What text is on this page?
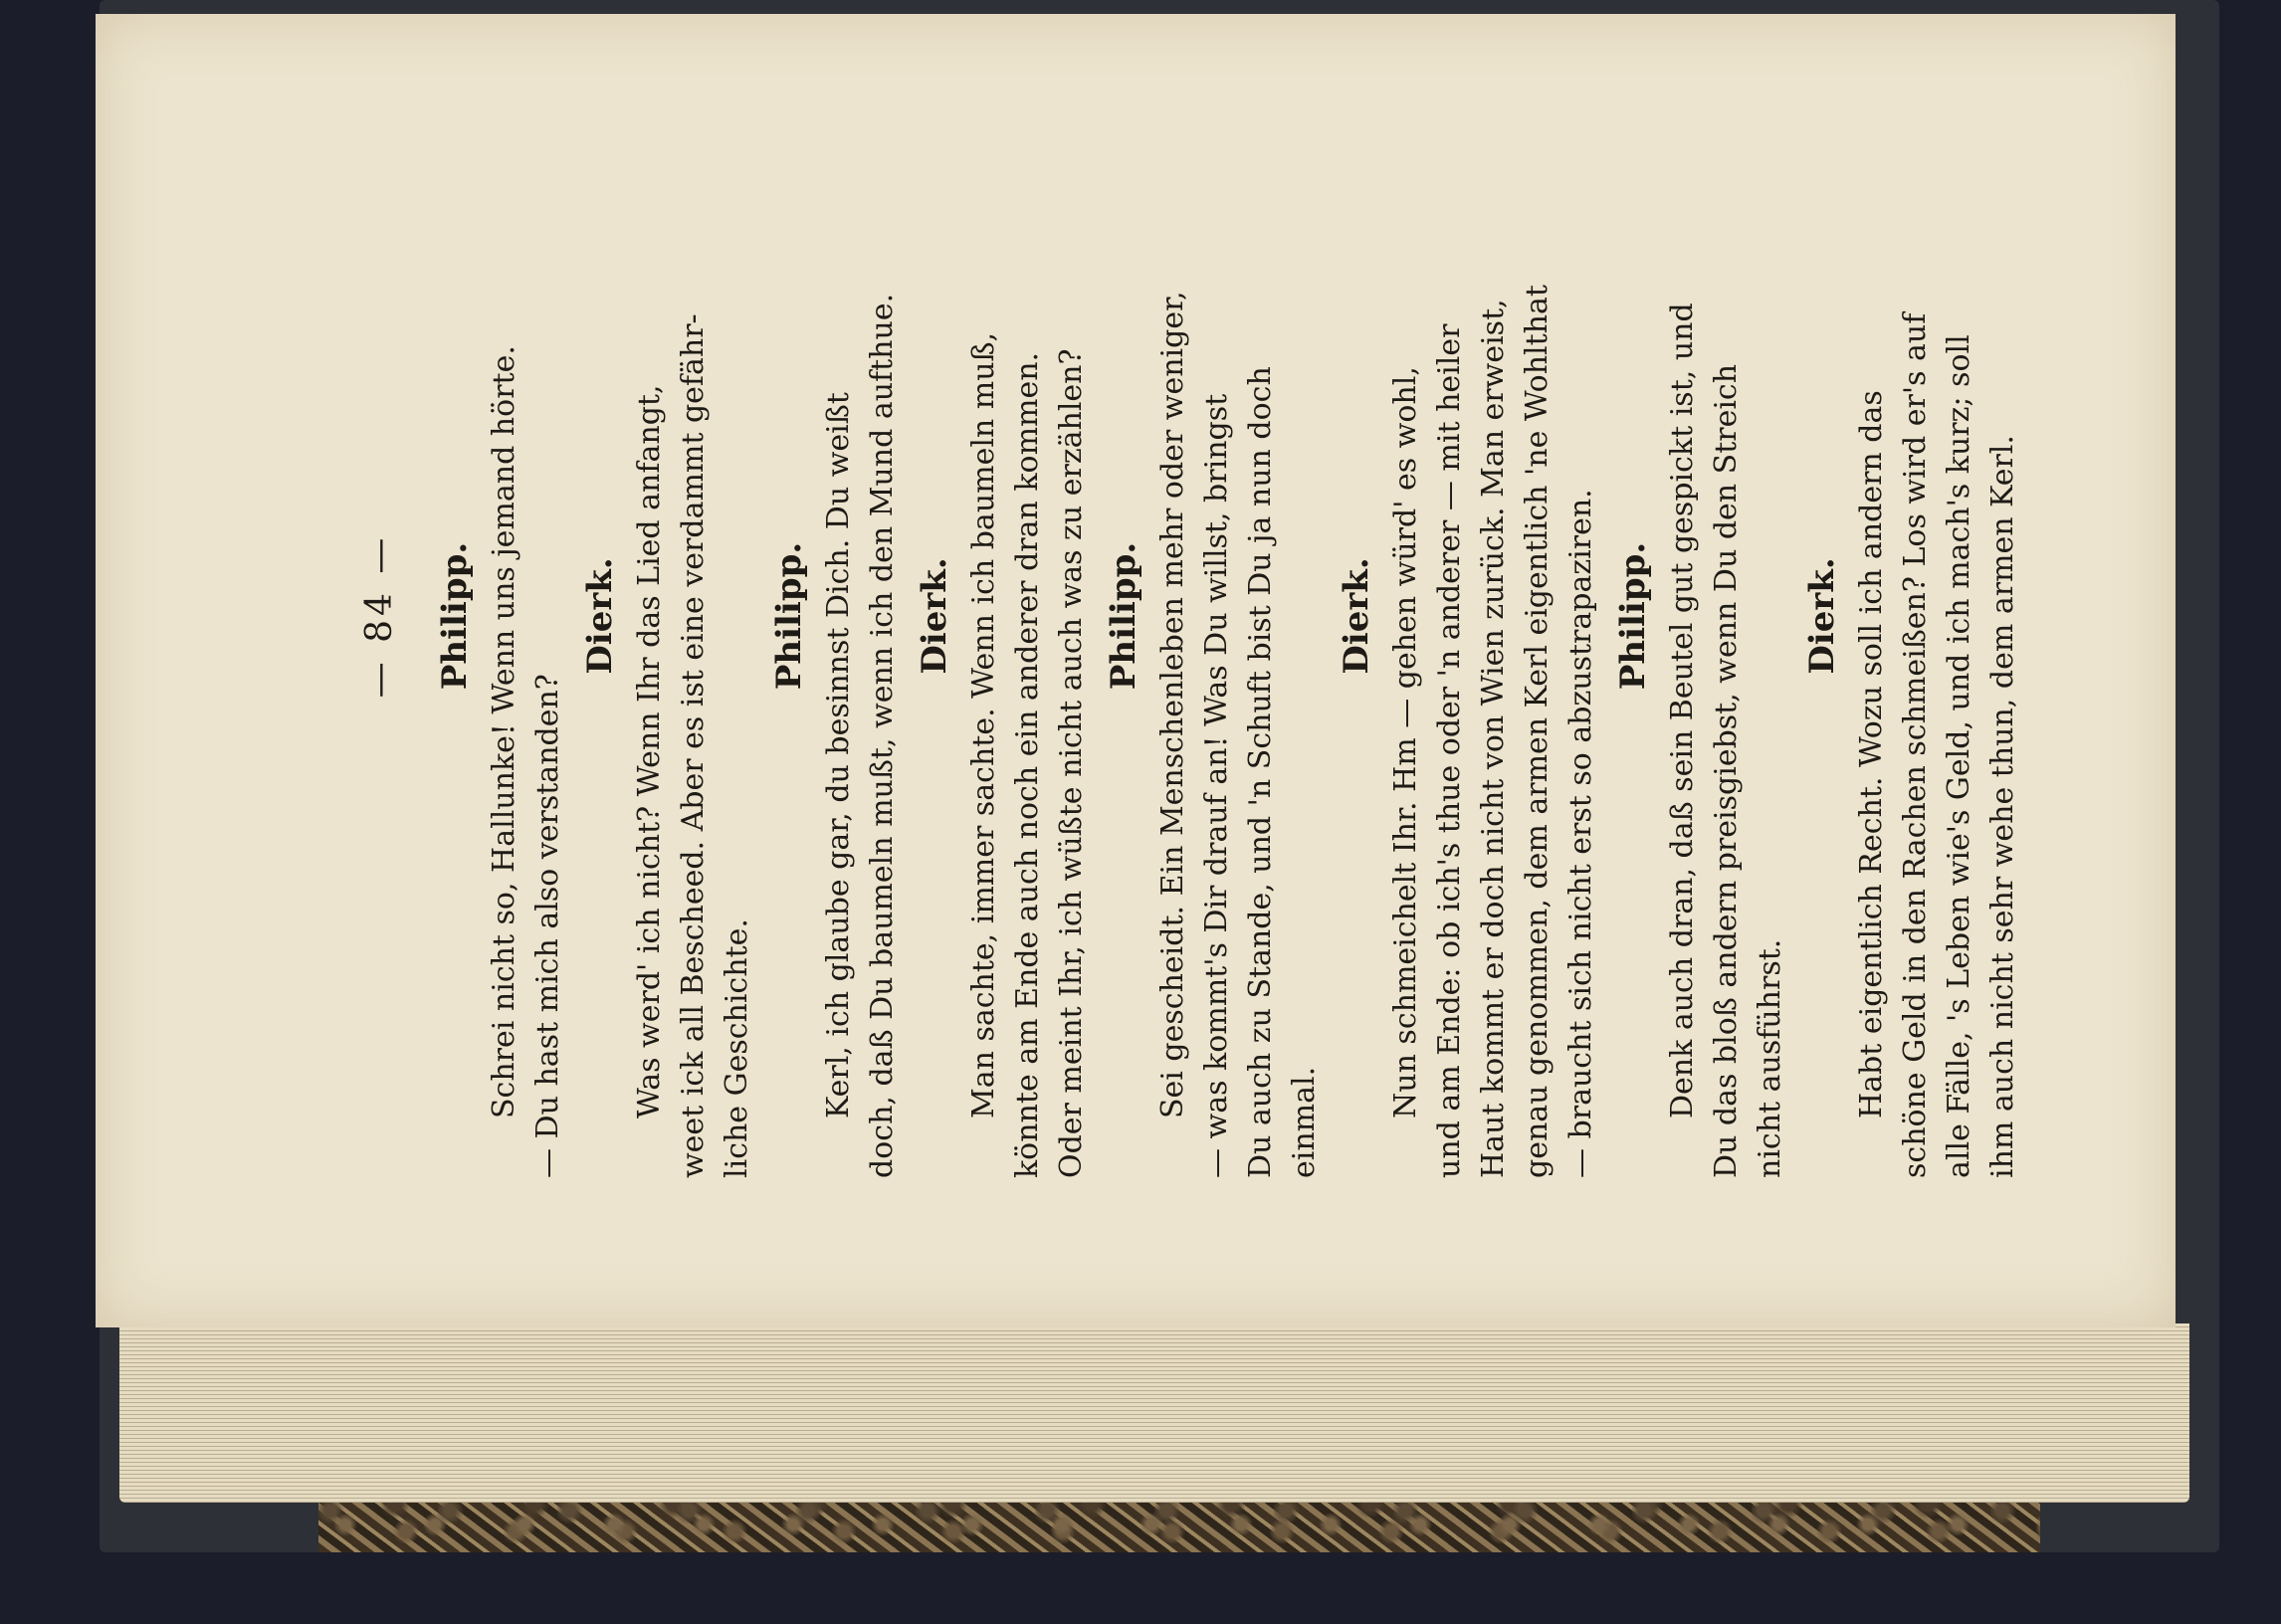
— 84 — Philipp. Schrei nicht so, Hallunke! Wenn uns jemand hörte. — Du hast mich also verstanden?
Dierk. Was werd' ich nicht? Wenn Ihr das Lied anfangt, weet ick all Bescheed. Aber es ist eine verdammt gefähr- liche Geschichte.
Philipp. Kerl, ich glaube gar, du besinnst Dich. Du weißt doch, daß Du baumeln mußt, wenn ich den Mund aufthue. Dierk. Man sachte, immer sachte. Wenn ich baumeln muß, könnte am Ende auch noch ein anderer dran kommen. Oder meint Ihr, ich wüßte nicht auch was zu erzählen? Philipp. Sei gescheidt. Ein Menschenleben mehr oder weniger, — was kommt's Dir drauf an! Was Du willst, bringst Du auch zu Stande, und 'n Schuft bist Du ja nun doch einmal.
Dierk. Nun schmeichelt Ihr. Hm — gehen würd' es wohl, und am Ende: ob ich's thue oder 'n anderer — mit heiler Haut kommt er doch nicht von Wien zurück. Man erweist, genau genommen, dem armen Kerl eigentlich 'ne Wohlthat — braucht sich nicht erst so abzustrapaziren. Philipp. Denk auch dran, daß sein Beutel gut gespickt ist, und Du das bloß andern preisgiebst, wenn Du den Streich nicht ausführst.
Dierk. Habt eigentlich Recht. Wozu soll ich andern das schöne Geld in den Rachen schmeißen? Los wird er's auf alle Fälle, 's Leben wie's Geld, und ich mach's kurz; soll ihm auch nicht sehr wehe thun, dem armen Kerl.
